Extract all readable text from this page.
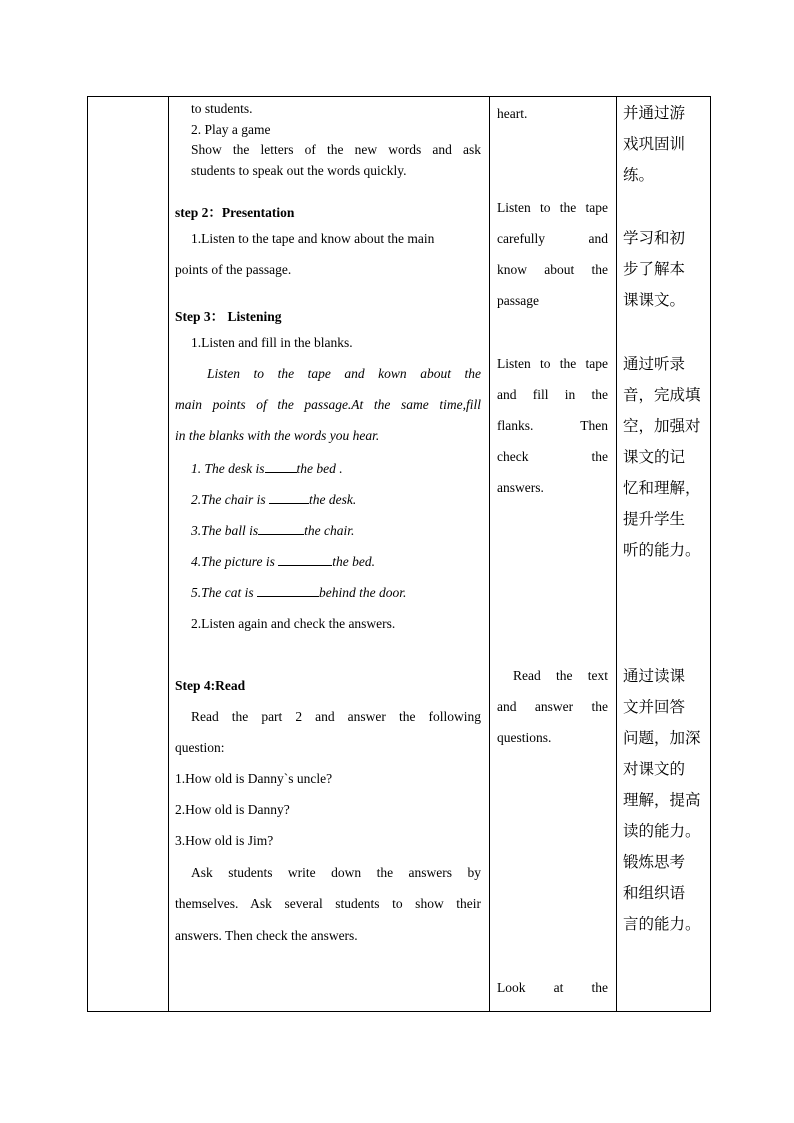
to students.
2. Play a game
Show the letters of the new words and ask
students to speak out the words quickly.
step 2：Presentation
1.Listen to the tape and know about the main
points of the passage.
Step 3： Listening
1.Listen and fill in the blanks.
Listen to the tape and kown about the
main points of the passage.At the same time,fill
in the blanks with the words you hear.
1. The desk is the bed .
2.The chair is	the desk.
3.The ball is	the chair.
4.The picture is	the bed.
5.The cat is	behind the door.
2.Listen again and check the answers.
Step 4:Read
Read the part 2 and answer the following
question:
1.How old is Danny`s uncle?
2.How old is Danny?
3.How old is Jim?
Ask students write down the answers by
themselves. Ask several students to show their
answers. Then check the answers.

heart.
Listen to the tape
carefully and
know about the
passage
Listen to the tape
and fill in the
flanks. Then
check the
answers.
Read the text
and answer the
questions.
Look at the

并通过游
戏巩固训
练。
学习和初
步了解本
课课文。
通过听录
音，完成填
空，加强对
课文的记
忆和理解，
提升学生
听的能力。
通过读课
文并回答
问题，加深
对课文的
理解，提高
读的能力。
锻炼思考
和组织语
言的能力。
